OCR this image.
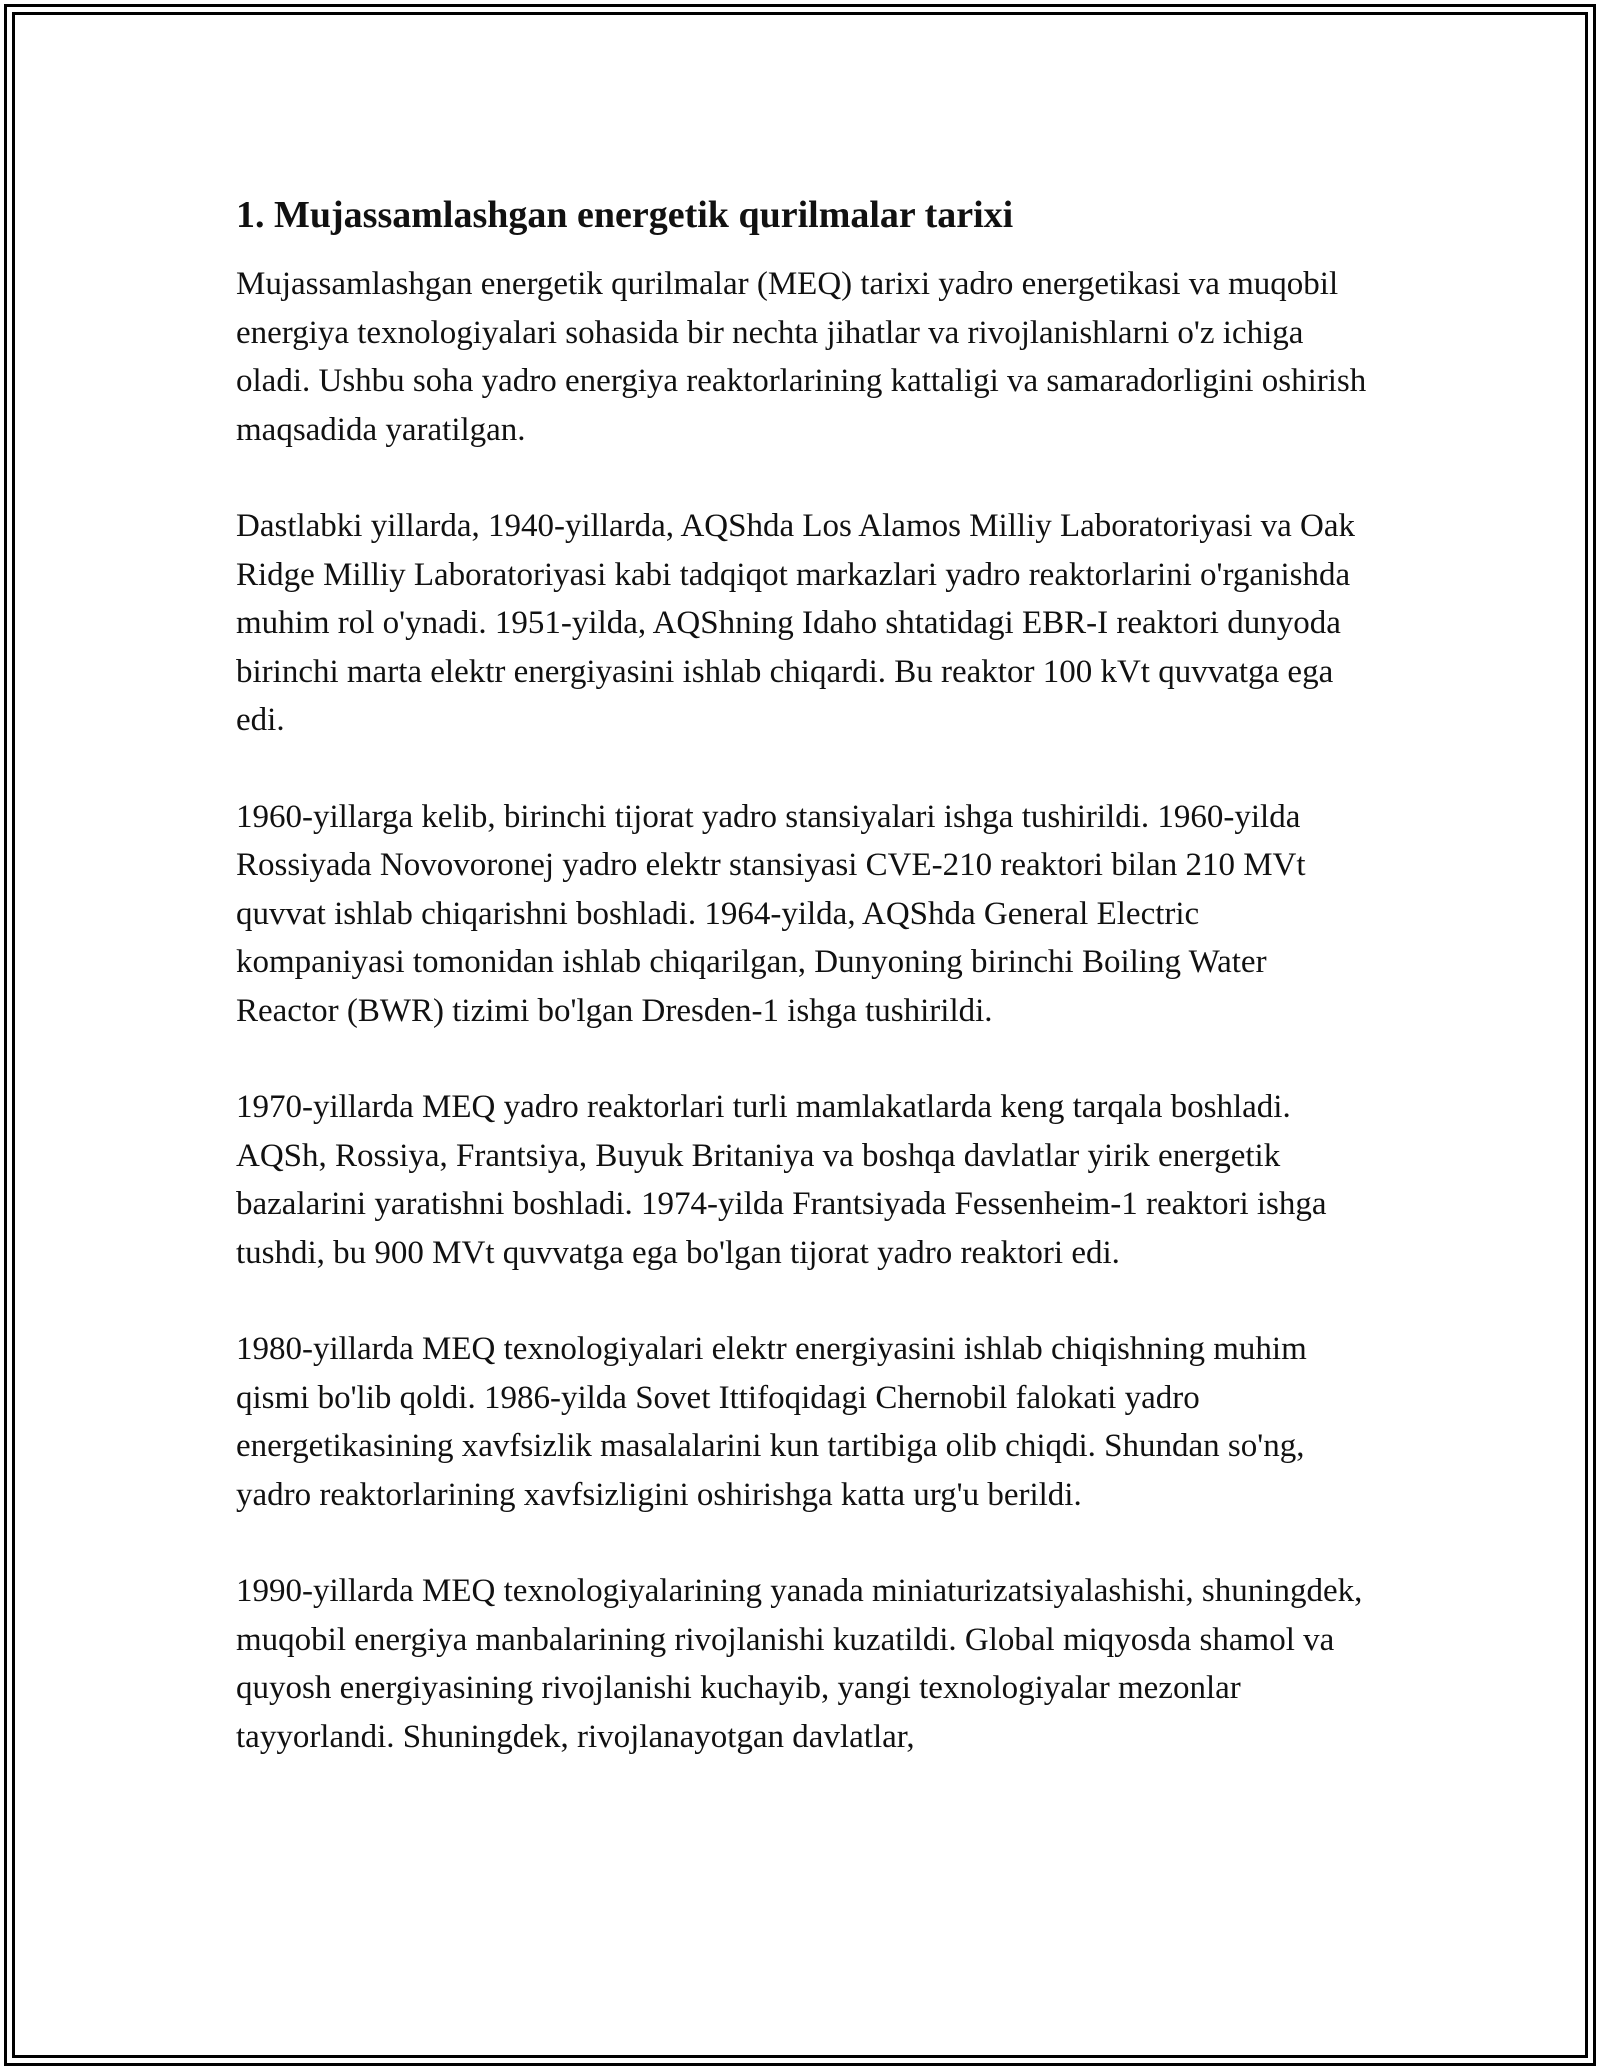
1. Mujassamlashgan energetik qurilmalar tarixi

Mujassamlashgan energetik qurilmalar (MEQ) tarixi yadro energetikasi va muqobil energiya texnologiyalari sohasida bir nechta jihatlar va rivojlanishlarni o'z ichiga oladi. Ushbu soha yadro energiya reaktorlarining kattaligi va samaradorligini oshirish maqsadida yaratilgan.

Dastlabki yillarda, 1940-yillarda, AQShda Los Alamos Milliy Laboratoriyasi va Oak Ridge Milliy Laboratoriyasi kabi tadqiqot markazlari yadro reaktorlarini o'rganishda muhim rol o'ynadi. 1951-yilda, AQShning Idaho shtatidagi EBR-I reaktori dunyoda birinchi marta elektr energiyasini ishlab chiqardi. Bu reaktor 100 kVt quvvatga ega edi.

1960-yillarga kelib, birinchi tijorat yadro stansiyalari ishga tushirildi. 1960-yilda Rossiyada Novovoronej yadro elektr stansiyasi CVE-210 reaktori bilan 210 MVt quvvat ishlab chiqarishni boshladi. 1964-yilda, AQShda General Electric kompaniyasi tomonidan ishlab chiqarilgan, Dunyoning birinchi Boiling Water Reactor (BWR) tizimi bo'lgan Dresden-1 ishga tushirildi.

1970-yillarda MEQ yadro reaktorlari turli mamlakatlarda keng tarqala boshladi. AQSh, Rossiya, Frantsiya, Buyuk Britaniya va boshqa davlatlar yirik energetik bazalarini yaratishni boshladi. 1974-yilda Frantsiyada Fessenheim-1 reaktori ishga tushdi, bu 900 MVt quvvatga ega bo'lgan tijorat yadro reaktori edi.

1980-yillarda MEQ texnologiyalari elektr energiyasini ishlab chiqishning muhim qismi bo'lib qoldi. 1986-yilda Sovet Ittifoqidagi Chernobil falokati yadro energetikasining xavfsizlik masalalarini kun tartibiga olib chiqdi. Shundan so'ng, yadro reaktorlarining xavfsizligini oshirishga katta urg'u berildi.

1990-yillarda MEQ texnologiyalarining yanada miniaturizatsiyalashishi, shuningdek, muqobil energiya manbalarining rivojlanishi kuzatildi. Global miqyosda shamol va quyosh energiyasining rivojlanishi kuchayib, yangi texnologiyalar mezonlar tayyorlandi. Shuningdek, rivojlanayotgan davlatlar,
